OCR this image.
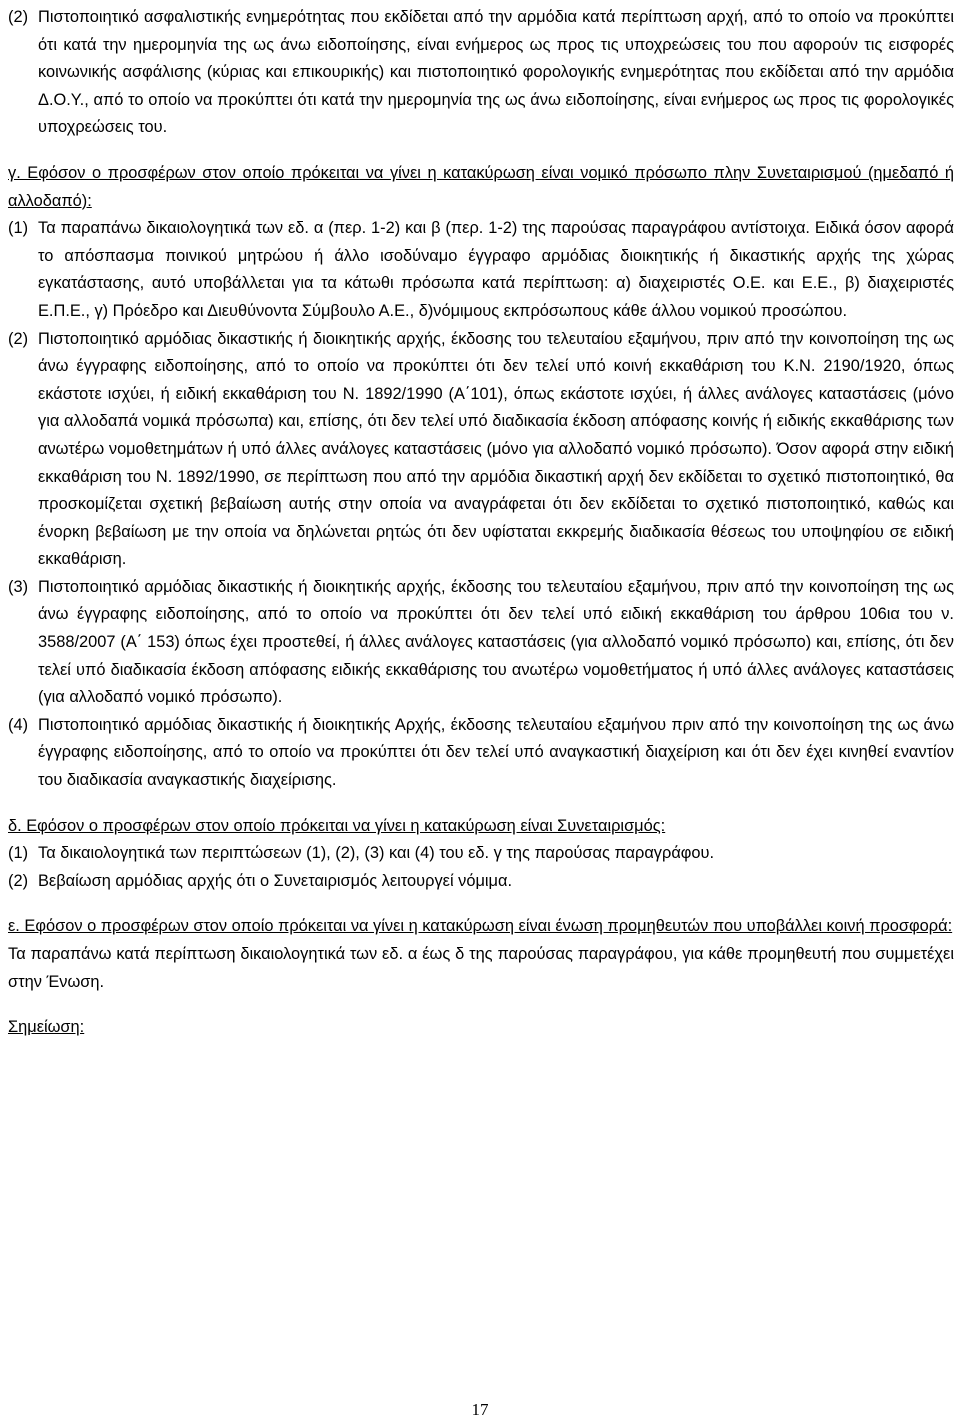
(2) Πιστοποιητικό ασφαλιστικής ενημερότητας που εκδίδεται από την αρμόδια κατά περίπτωση αρχή, από το οποίο να προκύπτει ότι κατά την ημερομηνία της ως άνω ειδοποίησης, είναι ενήμερος ως προς τις υποχρεώσεις του που αφορούν τις εισφορές κοινωνικής ασφάλισης (κύριας και επικουρικής) και πιστοποιητικό φορολογικής ενημερότητας που εκδίδεται από την αρμόδια Δ.Ο.Υ., από το οποίο να προκύπτει ότι κατά την ημερομηνία της ως άνω ειδοποίησης, είναι ενήμερος ως προς τις φορολογικές υποχρεώσεις του.
γ. Εφόσον ο προσφέρων στον οποίο πρόκειται να γίνει η κατακύρωση είναι νομικό πρόσωπο πλην Συνεταιρισμού (ημεδαπό ή αλλοδαπό):
(1) Τα παραπάνω δικαιολογητικά των εδ. α (περ. 1-2) και β (περ. 1-2) της παρούσας παραγράφου αντίστοιχα. Ειδικά όσον αφορά το απόσπασμα ποινικού μητρώου ή άλλο ισοδύναμο έγγραφο αρμόδιας διοικητικής ή δικαστικής αρχής της χώρας εγκατάστασης, αυτό υποβάλλεται για τα κάτωθι πρόσωπα κατά περίπτωση: α) διαχειριστές Ο.Ε. και Ε.Ε., β) διαχειριστές Ε.Π.Ε., γ) Πρόεδρο και Διευθύνοντα Σύμβουλο Α.Ε., δ)νόμιμους εκπρόσωπους κάθε άλλου νομικού προσώπου.
(2) Πιστοποιητικό αρμόδιας δικαστικής ή διοικητικής αρχής, έκδοσης του τελευταίου εξαμήνου, πριν από την κοινοποίηση της ως άνω έγγραφης ειδοποίησης, από το οποίο να προκύπτει ότι δεν τελεί υπό κοινή εκκαθάριση του Κ.Ν. 2190/1920, όπως εκάστοτε ισχύει, ή ειδική εκκαθάριση του Ν. 1892/1990 (Α΄101), όπως εκάστοτε ισχύει, ή άλλες ανάλογες καταστάσεις (μόνο για αλλοδαπά νομικά πρόσωπα) και, επίσης, ότι δεν τελεί υπό διαδικασία έκδοση απόφασης κοινής ή ειδικής εκκαθάρισης των ανωτέρω νομοθετημάτων ή υπό άλλες ανάλογες καταστάσεις (μόνο για αλλοδαπό νομικό πρόσωπο). Όσον αφορά στην ειδική εκκαθάριση του Ν. 1892/1990, σε περίπτωση που από την αρμόδια δικαστική αρχή δεν εκδίδεται το σχετικό πιστοποιητικό, θα προσκομίζεται σχετική βεβαίωση αυτής στην οποία να αναγράφεται ότι δεν εκδίδεται το σχετικό πιστοποιητικό, καθώς και ένορκη βεβαίωση με την οποία να δηλώνεται ρητώς ότι δεν υφίσταται εκκρεμής διαδικασία θέσεως του υποψηφίου σε ειδική εκκαθάριση.
(3) Πιστοποιητικό αρμόδιας δικαστικής ή διοικητικής αρχής, έκδοσης του τελευταίου εξαμήνου, πριν από την κοινοποίηση της ως άνω έγγραφης ειδοποίησης, από το οποίο να προκύπτει ότι δεν τελεί υπό ειδική εκκαθάριση του άρθρου 106ια του ν. 3588/2007 (Α΄ 153) όπως έχει προστεθεί, ή άλλες ανάλογες καταστάσεις (για αλλοδαπό νομικό πρόσωπο) και, επίσης, ότι δεν τελεί υπό διαδικασία έκδοση απόφασης ειδικής εκκαθάρισης του ανωτέρω νομοθετήματος ή υπό άλλες ανάλογες καταστάσεις (για αλλοδαπό νομικό πρόσωπο).
(4) Πιστοποιητικό αρμόδιας δικαστικής ή διοικητικής Αρχής, έκδοσης τελευταίου εξαμήνου πριν από την κοινοποίηση της ως άνω έγγραφης ειδοποίησης, από το οποίο να προκύπτει ότι δεν τελεί υπό αναγκαστική διαχείριση και ότι δεν έχει κινηθεί εναντίον του διαδικασία αναγκαστικής διαχείρισης.
δ. Εφόσον ο προσφέρων στον οποίο πρόκειται να γίνει η κατακύρωση είναι Συνεταιρισμός:
(1) Τα δικαιολογητικά των περιπτώσεων (1), (2), (3) και (4) του εδ. γ της παρούσας παραγράφου.
(2) Βεβαίωση αρμόδιας αρχής ότι ο Συνεταιρισμός λειτουργεί νόμιμα.
ε. Εφόσον ο προσφέρων στον οποίο πρόκειται να γίνει η κατακύρωση είναι ένωση προμηθευτών που υποβάλλει κοινή προσφορά:
Τα παραπάνω κατά περίπτωση δικαιολογητικά των εδ. α έως δ της παρούσας παραγράφου, για κάθε προμηθευτή που συμμετέχει στην Ένωση.
Σημείωση:
17
